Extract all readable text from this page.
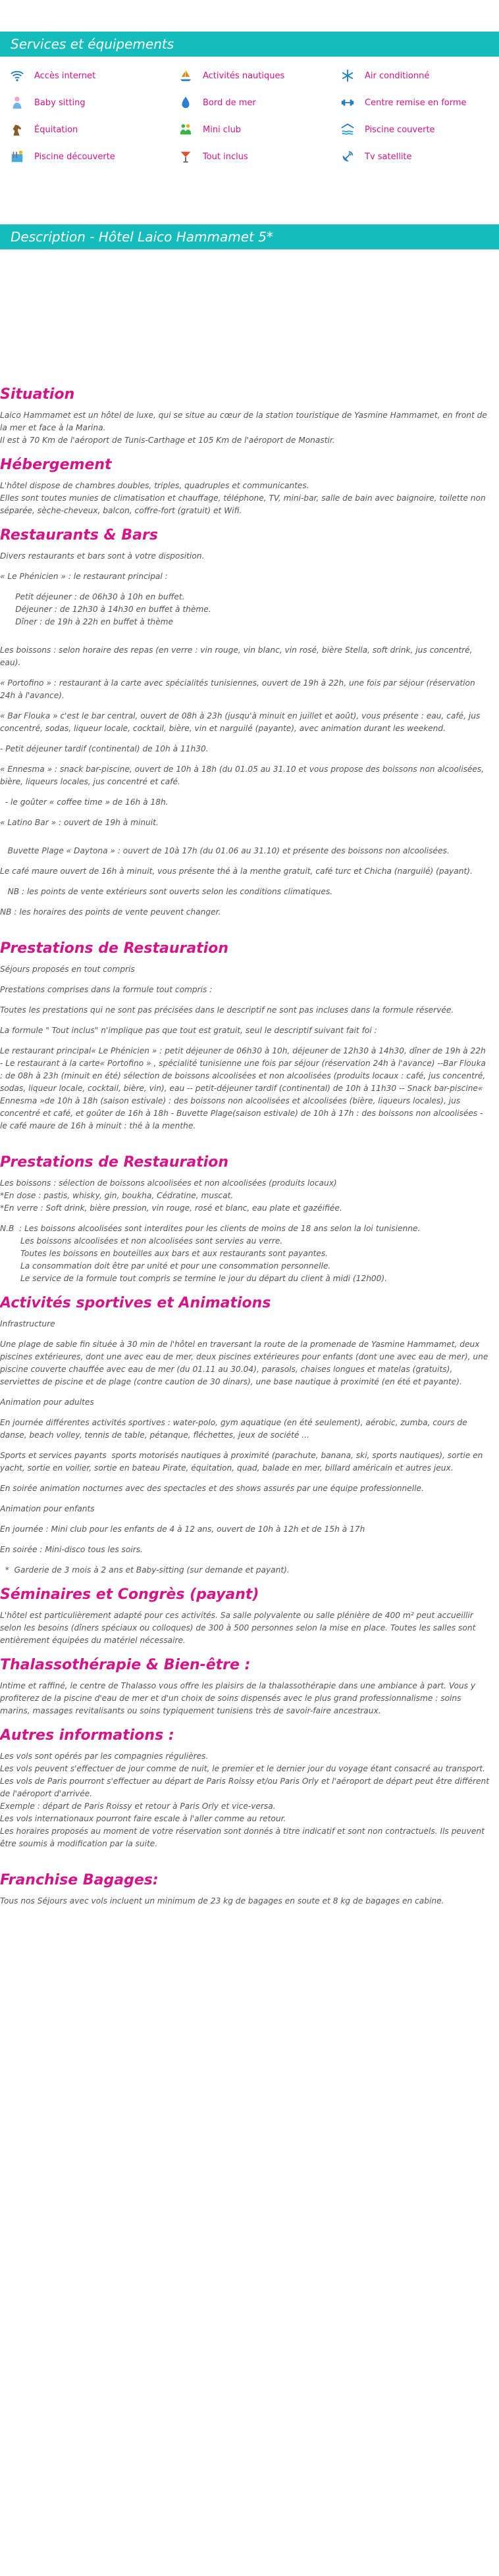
Services et équipements
Accès internet	Activités nautiques	Air conditionné
Baby sitting	Bord de mer	Centre remise en forme
Équitation	Mini club	Piscine couverte
Piscine découverte	Tout inclus	Tv satellite
Description - Hôtel Laico Hammamet 5*
Situation

Laico Hammamet est un hôtel de luxe, qui se situe au cœur de la station touristique de Yasmine Hammamet, en front de la mer et face à la Marina.

Il est à 70 Km de l'aéroport de Tunis-Carthage et 105 Km de l'aéroport de Monastir.

Hébergement

L'hôtel dispose de chambres doubles, triples, quadruples et communicantes.

Elles sont toutes munies de climatisation et chauffage, téléphone, TV, mini-bar, salle de bain avec baignoire, toilette non séparée, sèche-cheveux, balcon, coffre-fort (gratuit) et Wifi.

Restaurants & Bars

Divers restaurants et bars sont à votre disposition.

« Le Phénicien » : le restaurant principal :

Petit déjeuner : de 06h30 à 10h en buffet.

Déjeuner : de 12h30 à 14h30 en buffet à thème.

Dîner : de 19h à 22h en buffet à thème

Les boissons : selon horaire des repas (en verre : vin rouge, vin blanc, vin rosé, bière Stella, soft drink, jus concentré, eau).

« Portofino » : restaurant à la carte avec spécialités tunisiennes, ouvert de 19h à 22h, une fois par séjour (réservation 24h à l'avance).

« Bar Flouka » c'est le bar central, ouvert de 08h à 23h (jusqu'à minuit en juillet et août), vous présente : eau, café, jus concentré, sodas, liqueur locale, cocktail, bière, vin et narguilé (payante), avec animation durant les weekend.

- Petit déjeuner tardif (continental) de 10h à 11h30.

« Ennesma » : snack bar-piscine, ouvert de 10h à 18h (du 01.05 au 31.10 et vous propose des boissons non alcoolisées, bière, liqueurs locales, jus concentré et café.

- le goûter « coffee time » de 16h à 18h.

« Latino Bar » : ouvert de 19h à minuit.

Buvette Plage « Daytona » : ouvert de 10à 17h (du 01.06 au 31.10) et présente des boissons non alcoolisées.

Le café maure ouvert de 16h à minuit, vous présente thé à la menthe gratuit, café turc et Chicha (narguilé) (payant).

NB : les points de vente extérieurs sont ouverts selon les conditions climatiques.

NB : les horaires des points de vente peuvent changer.

Prestations de Restauration

Séjours proposés en tout compris

Prestations comprises dans la formule tout compris :

Toutes les prestations qui ne sont pas précisées dans le descriptif ne sont pas incluses dans la formule réservée.

La formule " Tout inclus" n'implique pas que tout est gratuit, seul le descriptif suivant fait foi :

Le restaurant principal« Le Phénicien » : petit déjeuner de 06h30 à 10h, déjeuner de 12h30 à 14h30, dîner de 19h à 22h - Le restaurant à la carte« Portofino » , spécialité tunisienne une fois par séjour (réservation 24h à l'avance) --Bar Flouka : de 08h à 23h (minuit en été) sélection de boissons alcoolisées et non alcoolisées (produits locaux : café, jus concentré, sodas, liqueur locale, cocktail, bière, vin), eau -- petit-déjeuner tardif (continental) de 10h à 11h30 -- Snack bar-piscine« Ennesma »de 10h à 18h (saison estivale) : des boissons non alcoolisées et alcoolisées (bière, liqueurs locales), jus concentré et café, et goûter de 16h à 18h - Buvette Plage(saison estivale) de 10h à 17h : des boissons non alcoolisées - le café maure de 16h à minuit : thé à la menthe.

Prestations de Restauration

Les boissons : sélection de boissons alcoolisées et non alcoolisées (produits locaux)

*En dose : pastis, whisky, gin, boukha, Cédratine, muscat.

*En verre : Soft drink, bière pression, vin rouge, rosé et blanc, eau plate et gazéifiée.

N.B  : Les boissons alcoolisées sont interdites pour les clients de moins de 18 ans selon la loi tunisienne.

Les boissons alcoolisées et non alcoolisées sont servies au verre.

Toutes les boissons en bouteilles aux bars et aux restaurants sont payantes.

La consommation doit être par unité et pour une consommation personnelle.

Le service de la formule tout compris se termine le jour du départ du client à midi (12h00).

Activités sportives et Animations

Infrastructure

Une plage de sable fin située à 30 min de l'hôtel en traversant la route de la promenade de Yasmine Hammamet, deux piscines extérieures, dont une avec eau de mer, deux piscines extérieures pour enfants (dont une avec eau de mer), une piscine couverte chauffée avec eau de mer (du 01.11 au 30.04), parasols, chaises longues et matelas (gratuits), serviettes de piscine et de plage (contre caution de 30 dinars), une base nautique à proximité (en été et payante).

Animation pour adultes

En journée différentes activités sportives : water-polo, gym aquatique (en été seulement), aérobic, zumba, cours de danse, beach volley, tennis de table, pétanque, fléchettes, jeux de société ...

Sports et services payants  sports motorisés nautiques à proximité (parachute, banana, ski, sports nautiques), sortie en yacht, sortie en voilier, sortie en bateau Pirate, équitation, quad, balade en mer, billard américain et autres jeux.

En soirée animation nocturnes avec des spectacles et des shows assurés par une équipe professionnelle.

Animation pour enfants

En journée : Mini club pour les enfants de 4 à 12 ans, ouvert de 10h à 12h et de 15h à 17h

En soirée : Mini-disco tous les soirs.

*  Garderie de 3 mois à 2 ans et Baby-sitting (sur demande et payant).

Séminaires et Congrès (payant)

L'hôtel est particulièrement adapté pour ces activités. Sa salle polyvalente ou salle plénière de 400 m² peut accueillir selon les besoins (dîners spéciaux ou colloques) de 300 à 500 personnes selon la mise en place. Toutes les salles sont entièrement équipées du matériel nécessaire.

Thalassothérapie & Bien-être :

Intime et raffiné, le centre de Thalasso vous offre les plaisirs de la thalassothérapie dans une ambiance à part. Vous y profiterez de la piscine d'eau de mer et d'un choix de soins dispensés avec le plus grand professionnalisme : soins marins, massages revitalisants ou soins typiquement tunisiens très de savoir-faire ancestraux.

Autres informations :

Les vols sont opérés par les compagnies régulières.

Les vols peuvent s'effectuer de jour comme de nuit, le premier et le dernier jour du voyage étant consacré au transport.

Les vols de Paris pourront s'effectuer au départ de Paris Roissy et/ou Paris Orly et l'aéroport de départ peut être différent de l'aéroport d'arrivée.

Exemple : départ de Paris Roissy et retour à Paris Orly et vice-versa.

Les vols internationaux pourront faire escale à l'aller comme au retour.

Les horaires proposés au moment de votre réservation sont donnés à titre indicatif et sont non contractuels. Ils peuvent être soumis à modification par la suite.

Franchise Bagages:

Tous nos Séjours avec vols incluent un minimum de 23 kg de bagages en soute et 8 kg de bagages en cabine.
